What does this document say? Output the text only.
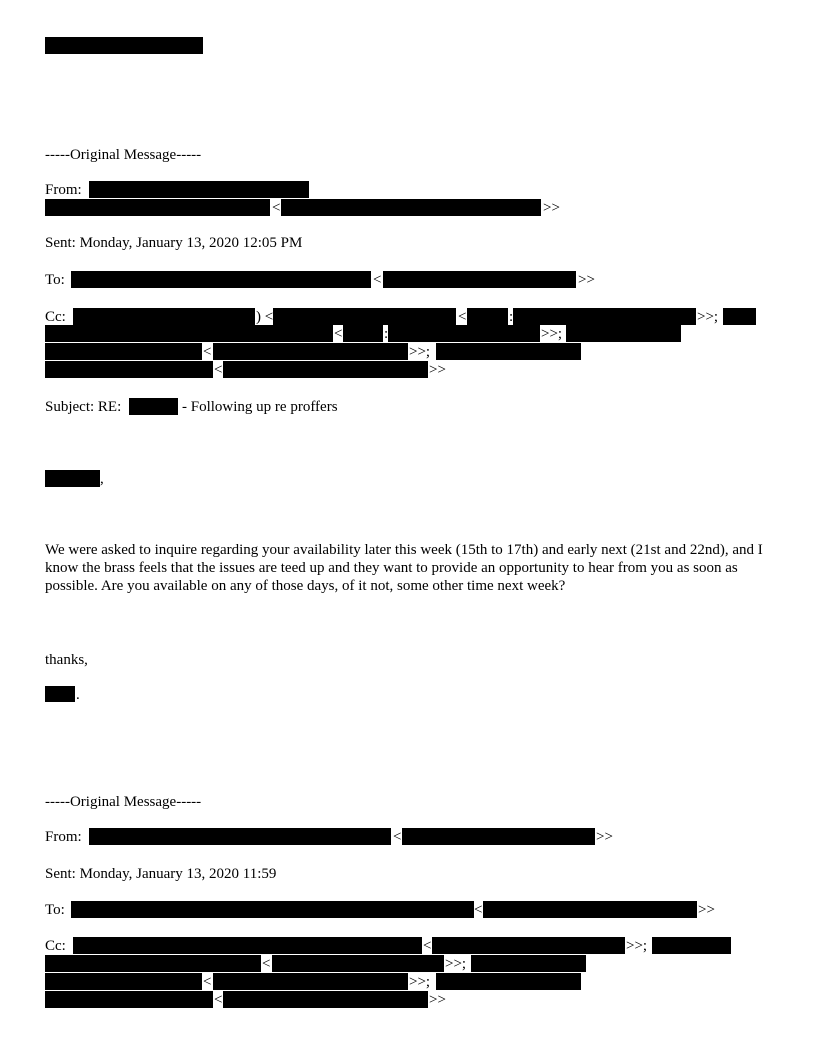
-----Original Message-----
From:
<	>>
Sent: Monday, January 13, 2020 12:05 PM
To:	<	>>
Cc:	) <	<	:	>>;
<	:	>>;
<	>>;
<	>>
Subject: RE:	- Following up re proffers
,
We were asked to inquire regarding your availability later this week (15th to 17th) and early next (21st and 22nd), and I know the brass feels that the issues are teed up and they want to provide an opportunity to hear from you as soon as possible. Are you available on any of those days, of it not, some other time next week?
thanks,
.
-----Original Message-----
From:	<	>>
Sent: Monday, January 13, 2020 11:59
To:	<	>>
Cc:	<	>>;
<	>>;
<	>>;
<	>>
